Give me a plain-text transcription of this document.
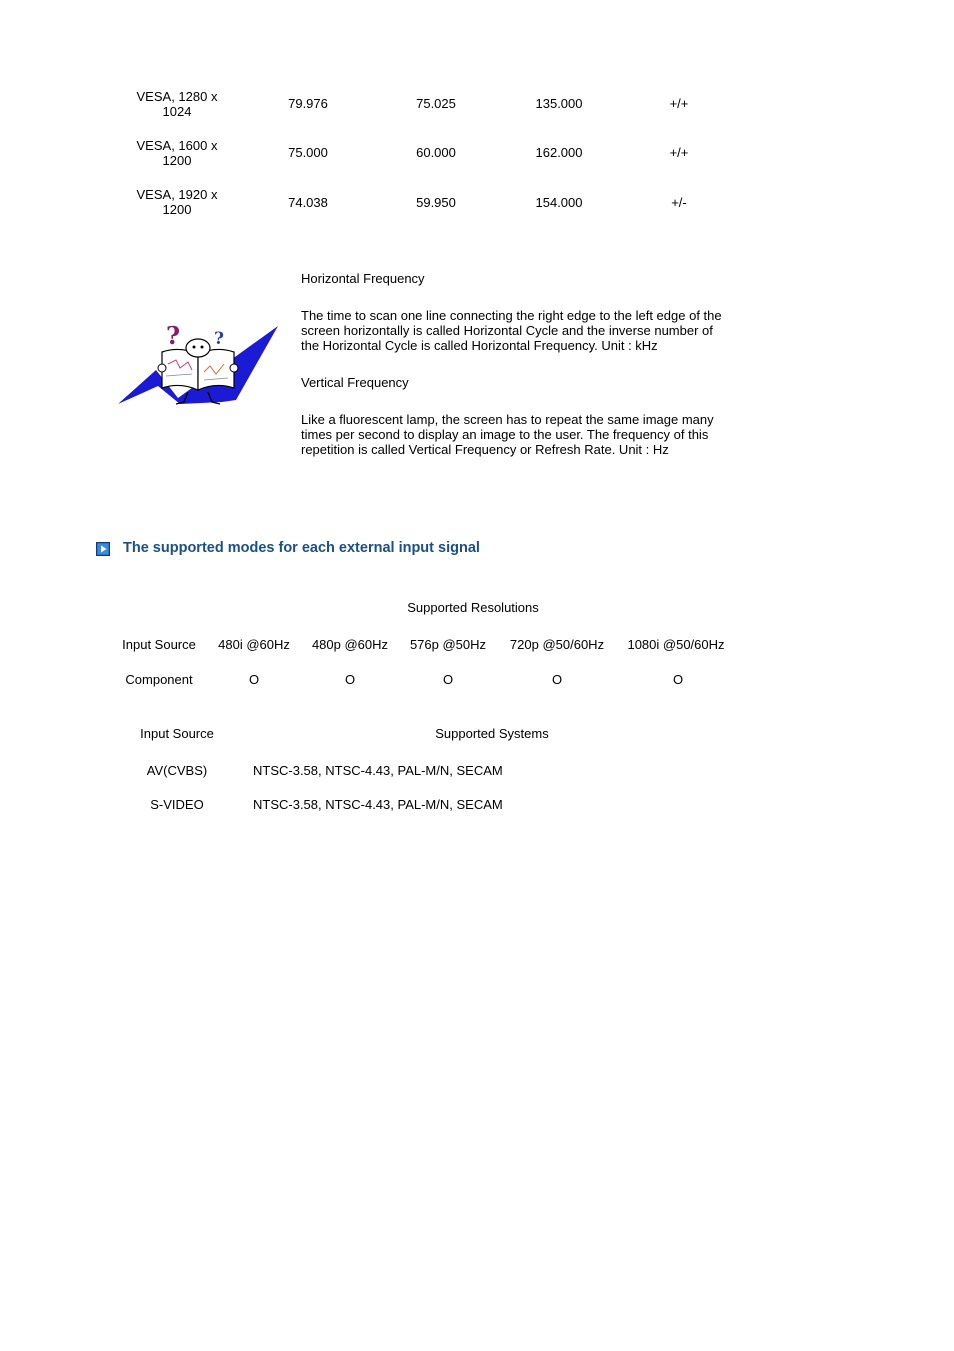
VESA, 1280 x
1024
79.976	75.025	135.000	+/+
VESA, 1600 x
1200
75.000	60.000	162.000	+/+
VESA, 1920 x
1200	74.038	59.950	154.000	+/-
? ?
Horizontal Frequency
The time to scan one line connecting the right edge to the left edge of the
screen horizontally is called Horizontal Cycle and the inverse number of
the Horizontal Cycle is called Horizontal Frequency. Unit : kHz
Vertical Frequency
Like a fluorescent lamp, the screen has to repeat the same image many
times per second to display an image to the user. The frequency of this
repetition is called Vertical Frequency or Refresh Rate. Unit : Hz
The supported modes for each external input signal
Supported Resolutions
Input Source	480i @60Hz	480p @60Hz	576p @50Hz	720p @50/60Hz	1080i @50/60Hz
Component	O	O	O	O	O
Input Source	Supported Systems
AV(CVBS)	NTSC-3.58, NTSC-4.43, PAL-M/N, SECAM
S-VIDEO	NTSC-3.58, NTSC-4.43, PAL-M/N, SECAM
